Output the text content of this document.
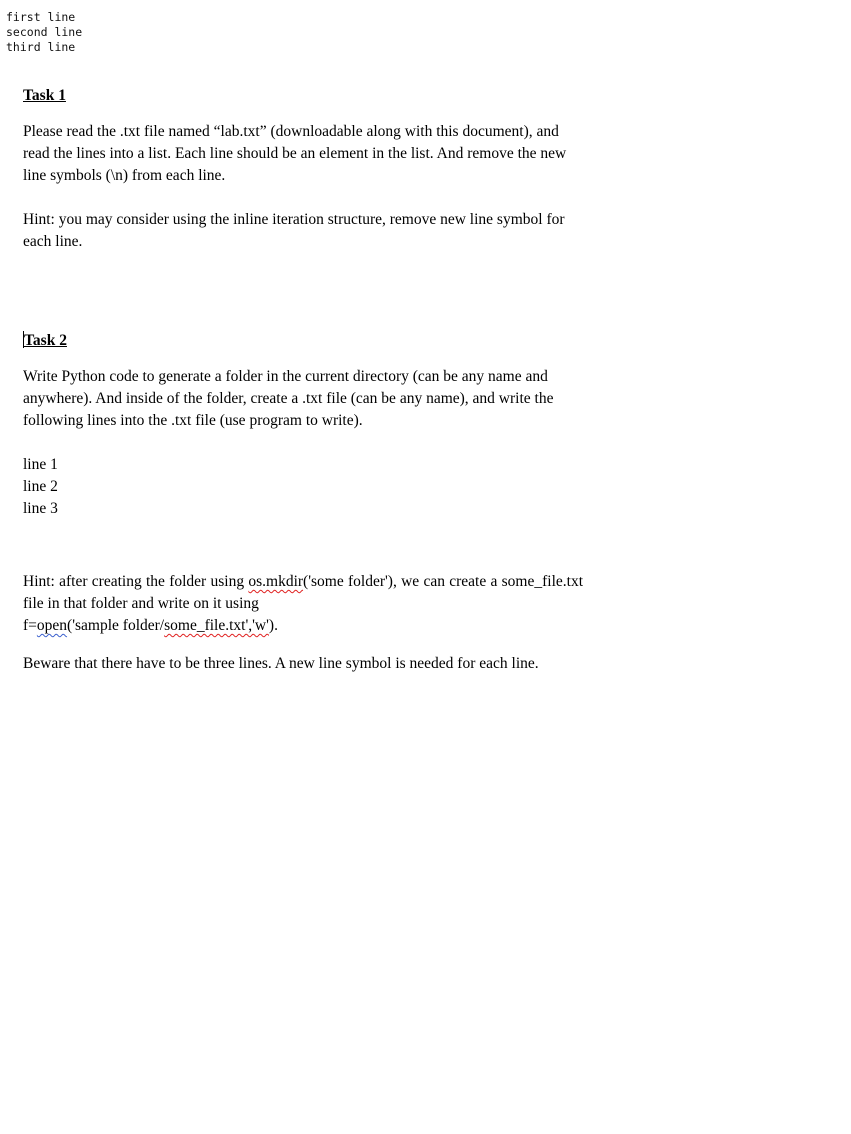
first line
second line
third line

Task 1

Please read the .txt file named “lab.txt” (downloadable along with this document), and read the lines into a list. Each line should be an element in the list. And remove the new line symbols (\n) from each line.

Hint: you may consider using the inline iteration structure, remove new line symbol for each line.

Task 2

Write Python code to generate a folder in the current directory (can be any name and anywhere). And inside of the folder, create a .txt file (can be any name), and write the following lines into the .txt file (use program to write).

line 1

line 2

line 3

Hint: after creating the folder using os.mkdir('some folder'), we can create a some_file.txt file in that folder and write on it using
f=open('sample folder/some_file.txt','w').

Beware that there have to be three lines. A new line symbol is needed for each line.
